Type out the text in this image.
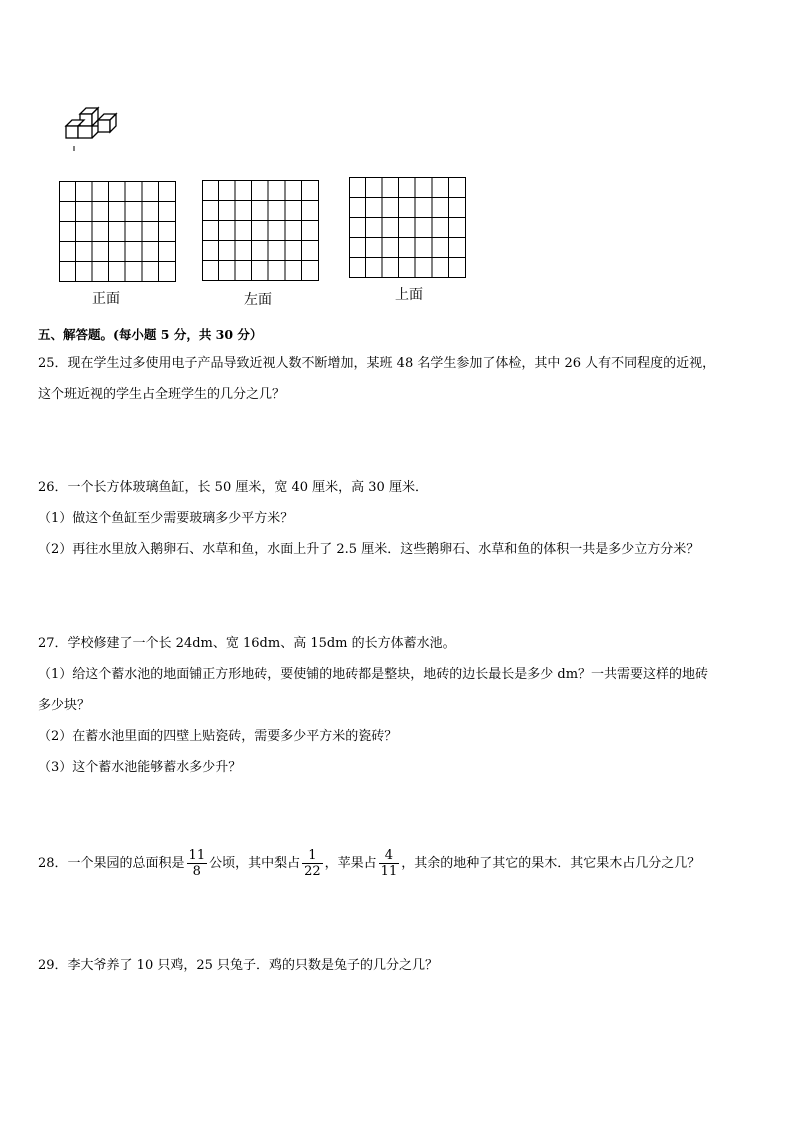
正面	左面	上面
五、解答题。(每小题 5 分，共 30 分）
25．现在学生过多使用电子产品导致近视人数不断增加，某班 48 名学生参加了体检，其中 26 人有不同程度的近视，
这个班近视的学生占全班学生的几分之几？
26．一个长方体玻璃鱼缸，长 50 厘米，宽 40 厘米，高 30 厘米．
（1）做这个鱼缸至少需要玻璃多少平方米？
（2）再往水里放入鹅卵石、水草和鱼，水面上升了 2.5 厘米．这些鹅卵石、水草和鱼的体积一共是多少立方分米？
27．学校修建了一个长 24dm、宽 16dm、高 15dm 的长方体蓄水池。
（1）给这个蓄水池的地面铺正方形地砖，要使铺的地砖都是整块，地砖的边长最长是多少 dm？一共需要这样的地砖
多少块？
（2）在蓄水池里面的四壁上贴瓷砖，需要多少平方米的瓷砖？
（3）这个蓄水池能够蓄水多少升？
28．一个果园的总面积是 $\frac{11}{8}$ 公顷，其中梨占 $\frac{1}{22}$ ，苹果占 $\frac{4}{11}$ ，其余的地种了其它的果木．其它果木占几分之几？
29．李大爷养了 10 只鸡，25 只兔子．鸡的只数是兔子的几分之几？
